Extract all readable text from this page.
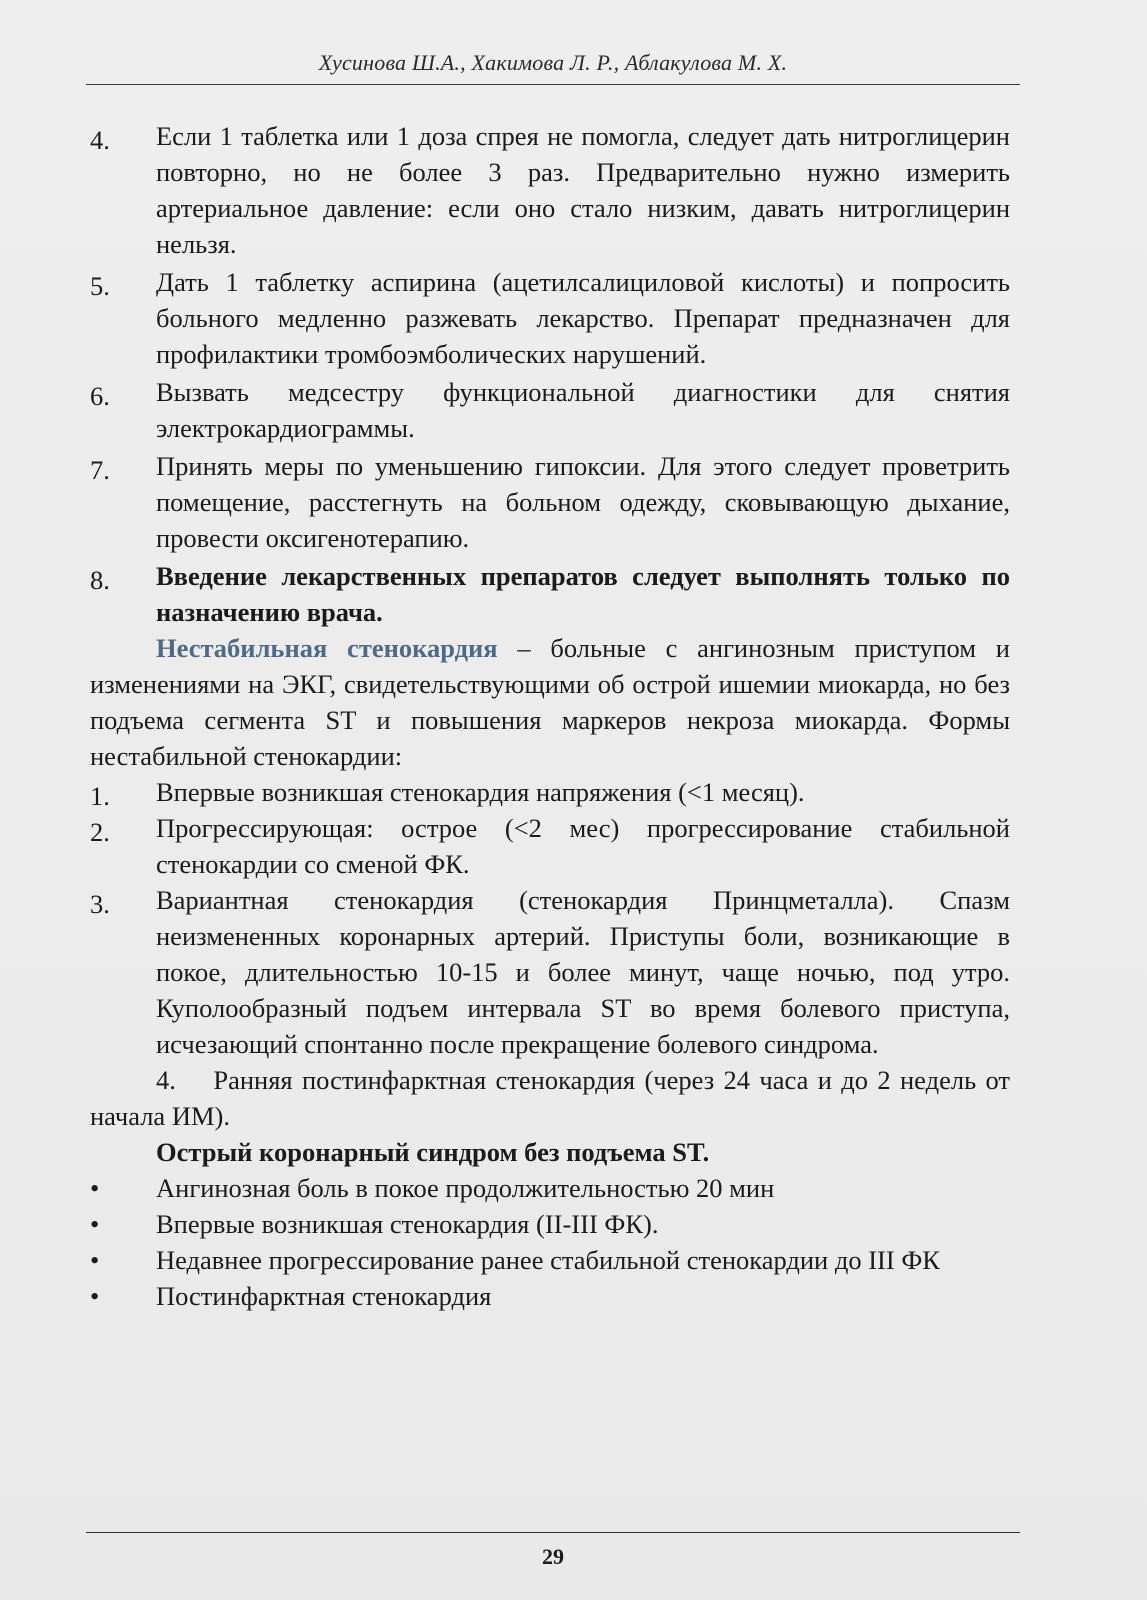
Хусинова Ш.А., Хакимова Л. Р., Аблакулова М. Х.
4. Если 1 таблетка или 1 доза спрея не помогла, следует дать нитроглицерин повторно, но не более 3 раз. Предварительно нужно измерить артериальное давление: если оно стало низким, давать нитроглицерин нельзя.
5. Дать 1 таблетку аспирина (ацетилсалициловой кислоты) и попросить больного медленно разжевать лекарство. Препарат предназначен для профилактики тромбоэмболических нарушений.
6. Вызвать медсестру функциональной диагностики для снятия электрокардиограммы.
7. Принять меры по уменьшению гипоксии. Для этого следует проветрить помещение, расстегнуть на больном одежду, сковывающую дыхание, провести оксигенотерапию.
8. Введение лекарственных препаратов следует выполнять только по назначению врача.
Нестабильная стенокардия – больные с ангинозным приступом и изменениями на ЭКГ, свидетельствующими об острой ишемии миокарда, но без подъема сегмента ST и повышения маркеров некроза миокарда. Формы нестабильной стенокардии:
1. Впервые возникшая стенокардия напряжения (<1 месяц).
2. Прогрессирующая: острое (<2 мес) прогрессирование стабильной стенокардии со сменой ФК.
3. Вариантная стенокардия (стенокардия Принцметалла). Спазм неизмененных коронарных артерий. Приступы боли, возникающие в покое, длительностью 10-15 и более минут, чаще ночью, под утро. Куполообразный подъем интервала ST во время болевого приступа, исчезающий спонтанно после прекращение болевого синдрома.
4. Ранняя постинфарктная стенокардия (через 24 часа и до 2 недель от начала ИМ).
Острый коронарный синдром без подъема ST.
• Ангинозная боль в покое продолжительностью 20 мин
• Впервые возникшая стенокардия (II-III ФК).
• Недавнее прогрессирование ранее стабильной стенокардии до III ФК
• Постинфарктная стенокардия
29
